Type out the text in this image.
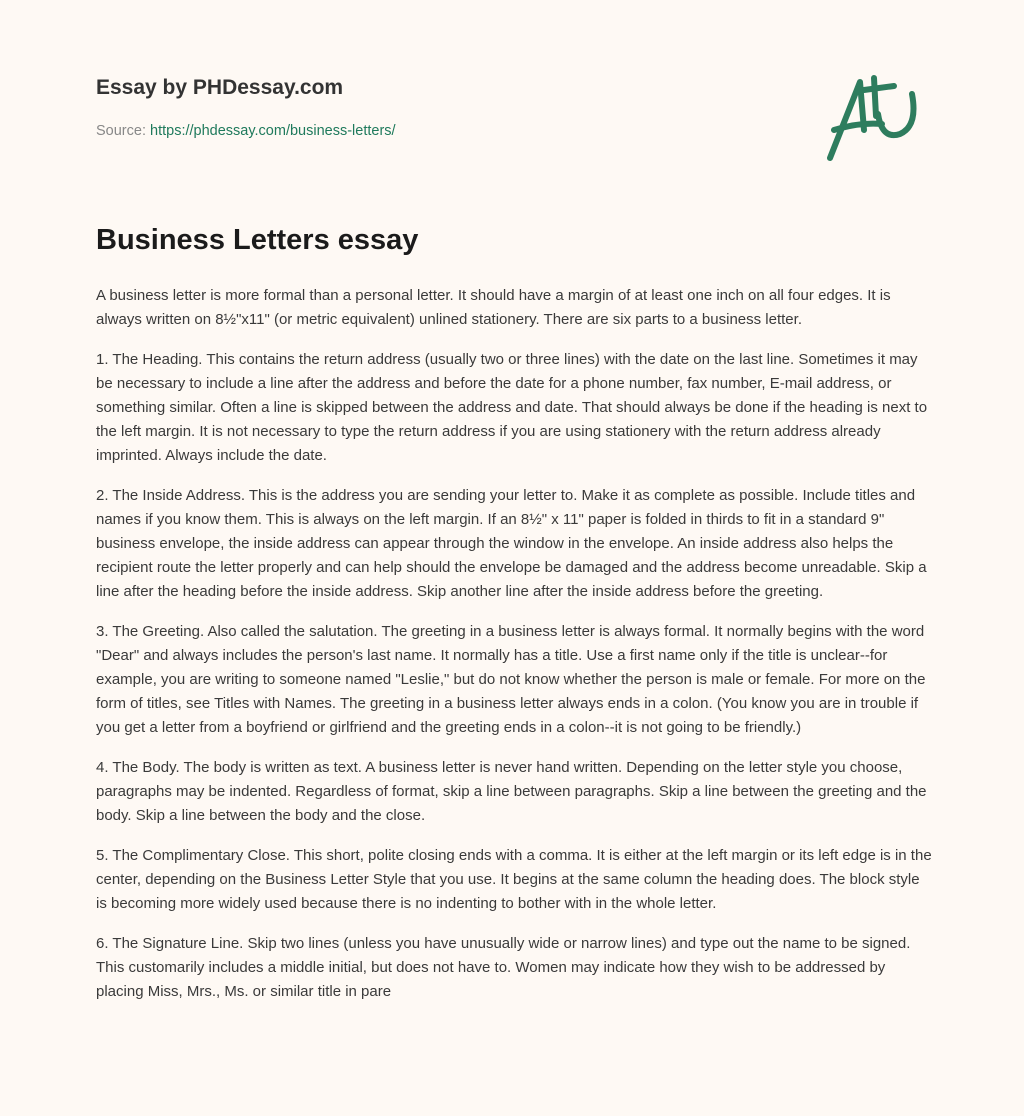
Essay by PHDessay.com
Source: https://phdessay.com/business-letters/
Business Letters essay

A business letter is more formal than a personal letter. It should have a margin of at least one inch on all four edges. It is always written on 8½"x11" (or metric equivalent) unlined stationery. There are six parts to a business letter.

1. The Heading. This contains the return address (usually two or three lines) with the date on the last line. Sometimes it may be necessary to include a line after the address and before the date for a phone number, fax number, E-mail address, or something similar. Often a line is skipped between the address and date. That should always be done if the heading is next to the left margin. It is not necessary to type the return address if you are using stationery with the return address already imprinted. Always include the date.

2. The Inside Address. This is the address you are sending your letter to. Make it as complete as possible. Include titles and names if you know them. This is always on the left margin. If an 8½" x 11" paper is folded in thirds to fit in a standard 9" business envelope, the inside address can appear through the window in the envelope. An inside address also helps the recipient route the letter properly and can help should the envelope be damaged and the address become unreadable. Skip a line after the heading before the inside address. Skip another line after the inside address before the greeting.

3. The Greeting. Also called the salutation. The greeting in a business letter is always formal. It normally begins with the word "Dear" and always includes the person's last name. It normally has a title. Use a first name only if the title is unclear--for example, you are writing to someone named "Leslie," but do not know whether the person is male or female. For more on the form of titles, see Titles with Names. The greeting in a business letter always ends in a colon. (You know you are in trouble if you get a letter from a boyfriend or girlfriend and the greeting ends in a colon--it is not going to be friendly.)

4. The Body. The body is written as text. A business letter is never hand written. Depending on the letter style you choose, paragraphs may be indented. Regardless of format, skip a line between paragraphs. Skip a line between the greeting and the body. Skip a line between the body and the close.

5. The Complimentary Close. This short, polite closing ends with a comma. It is either at the left margin or its left edge is in the center, depending on the Business Letter Style that you use. It begins at the same column the heading does. The block style is becoming more widely used because there is no indenting to bother with in the whole letter.

6. The Signature Line. Skip two lines (unless you have unusually wide or narrow lines) and type out the name to be signed. This customarily includes a middle initial, but does not have to. Women may indicate how they wish to be addressed by placing Miss, Mrs., Ms. or similar title in pare
